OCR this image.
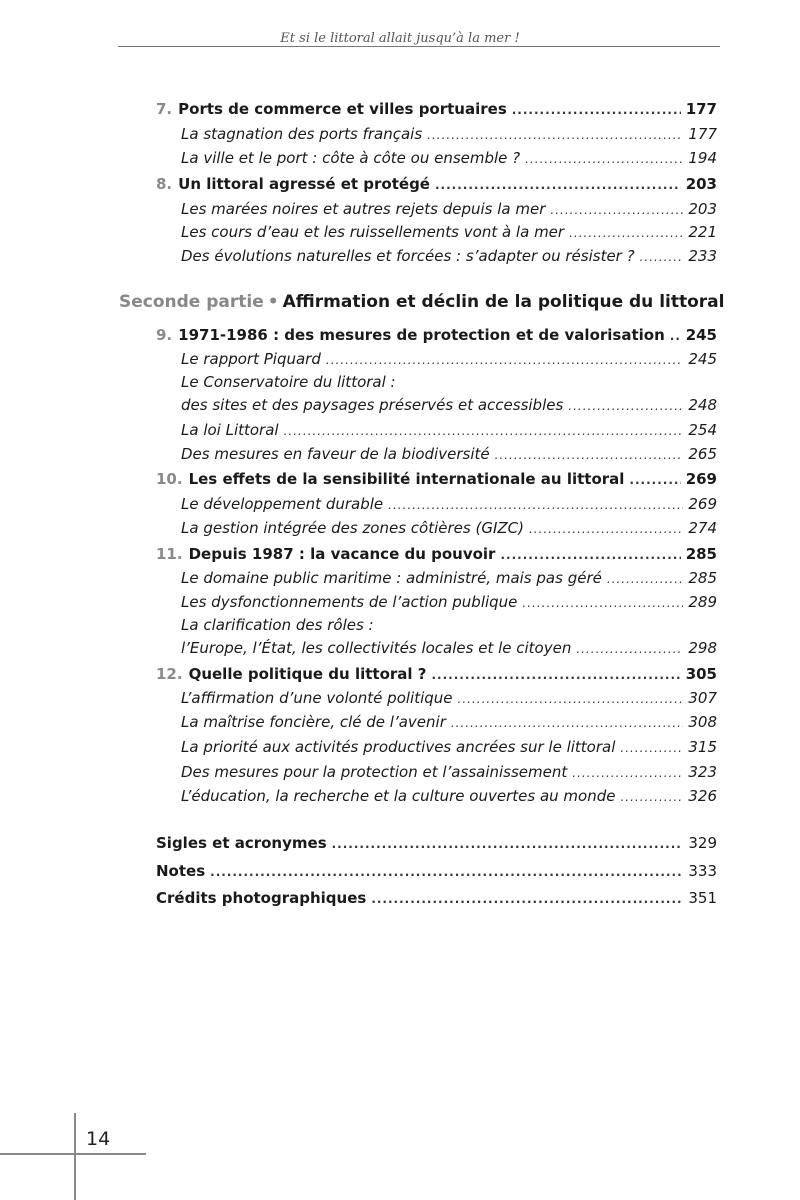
Et si le littoral allait jusqu’à la mer !
7. Ports de commerce et villes portuaires .....	177
La stagnation des ports français .....	177
La ville et le port : côte à côte ou ensemble ? .....	194
8. Un littoral agressé et protégé .....	203
Les marées noires et autres rejets depuis la mer .....	203
Les cours d’eau et les ruissellements vont à la mer .....	221
Des évolutions naturelles et forcées : s’adapter ou résister ? .....	233
Seconde partie • Affirmation et déclin de la politique du littoral
9. 1971-1986 : des mesures de protection et de valorisation ..... 245
Le rapport Piquard .....	245
Le Conservatoire du littoral :
des sites et des paysages préservés et accessibles .....	248
La loi Littoral .....	254
Des mesures en faveur de la biodiversité .....	265
10. Les effets de la sensibilité internationale au littoral .....	269
Le développement durable .....	269
La gestion intégrée des zones côtières (GIZC) .....	274
11. Depuis 1987 : la vacance du pouvoir .....	285
Le domaine public maritime : administré, mais pas géré .....	285
Les dysfonctionnements de l’action publique .....	289
La clarification des rôles :
l’Europe, l’État, les collectivités locales et le citoyen .....	298
12. Quelle politique du littoral ? .....	305
L’affirmation d’une volonté politique .....	307
La maîtrise foncière, clé de l’avenir .....	308
La priorité aux activités productives ancrées sur le littoral .....	315
Des mesures pour la protection et l’assainissement .....	323
L’éducation, la recherche et la culture ouvertes au monde .....	326
Sigles et acronymes .....	329
Notes .....	333
Crédits photographiques .....	351
14
